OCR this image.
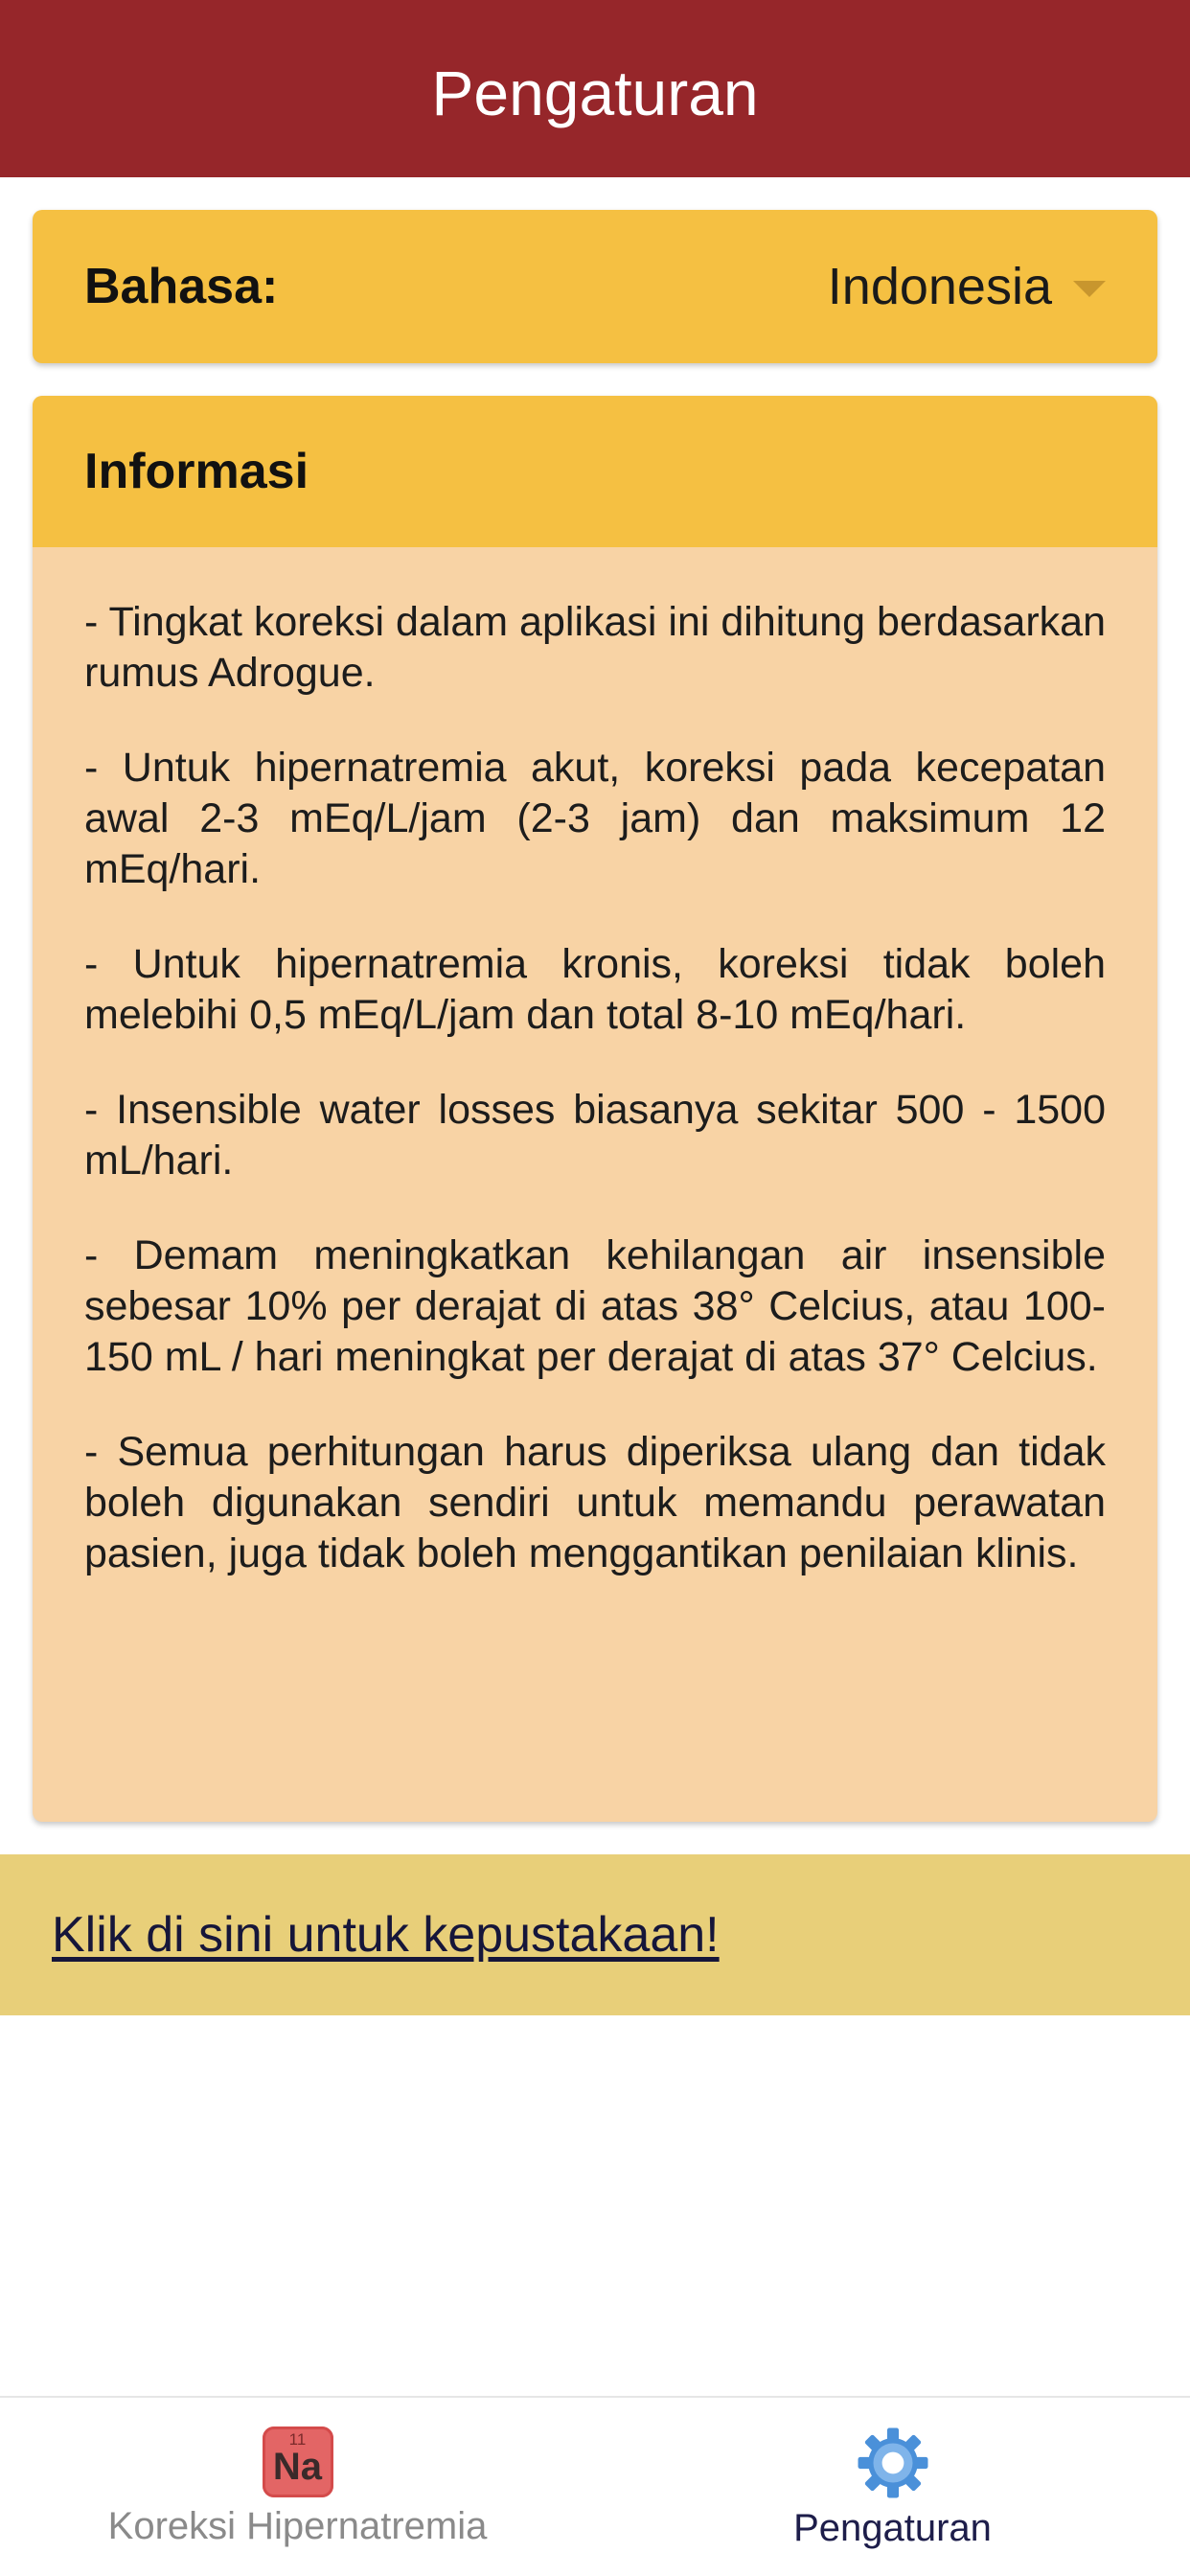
Pengaturan
Bahasa:	Indonesia
Informasi

- Tingkat koreksi dalam aplikasi ini dihitung berdasarkan rumus Adrogue.

- Untuk hipernatremia akut, koreksi pada kecepatan awal 2-3 mEq/L/jam (2-3 jam) dan maksimum 12 mEq/hari.

- Untuk hipernatremia kronis, koreksi tidak boleh melebihi 0,5 mEq/L/jam dan total 8-10 mEq/hari.

- Insensible water losses biasanya sekitar 500 - 1500 mL/hari.

- Demam meningkatkan kehilangan air insensible sebesar 10% per derajat di atas 38° Celcius, atau 100-150 mL / hari meningkat per derajat di atas 37° Celcius.

- Semua perhitungan harus diperiksa ulang dan tidak boleh digunakan sendiri untuk memandu perawatan pasien, juga tidak boleh menggantikan penilaian klinis.

Klik di sini untuk kepustakaan!
11
Na
Koreksi Hipernatremia	Pengaturan
